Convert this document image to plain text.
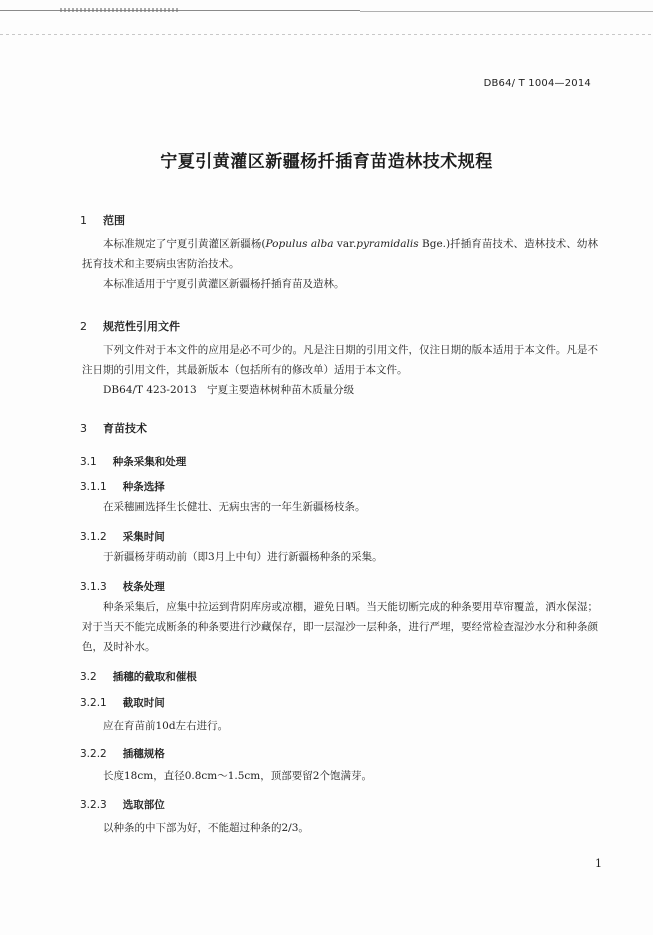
DB64/ T 1004—2014
宁夏引黄灌区新疆杨扦插育苗造林技术规程
1 范围
本标准规定了宁夏引黄灌区新疆杨(Populus alba var.pyramidalis Bge.)扦插育苗技术、造林技术、幼林抚育技术和主要病虫害防治技术。
本标准适用于宁夏引黄灌区新疆杨扦插育苗及造林。
2 规范性引用文件
下列文件对于本文件的应用是必不可少的。凡是注日期的引用文件，仅注日期的版本适用于本文件。凡是不注日期的引用文件，其最新版本（包括所有的修改单）适用于本文件。
DB64/T 423-2013　宁夏主要造林树种苗木质量分级
3 育苗技术
3.1 种条采集和处理
3.1.1 种条选择
在采穗圃选择生长健壮、无病虫害的一年生新疆杨枝条。
3.1.2 采集时间
于新疆杨芽萌动前（即3月上中旬）进行新疆杨种条的采集。
3.1.3 枝条处理
种条采集后，应集中拉运到背阴库房或凉棚，避免日晒。当天能切断完成的种条要用草帘覆盖，洒水保湿；对于当天不能完成断条的种条要进行沙藏保存，即一层湿沙一层种条，进行严埋，要经常检查湿沙水分和种条颜色，及时补水。
3.2 插穗的截取和催根
3.2.1 截取时间
应在育苗前10d左右进行。
3.2.2 插穗规格
长度18cm，直径0.8cm～1.5cm，顶部要留2个饱满芽。
3.2.3 选取部位
以种条的中下部为好，不能超过种条的2/3。
1
